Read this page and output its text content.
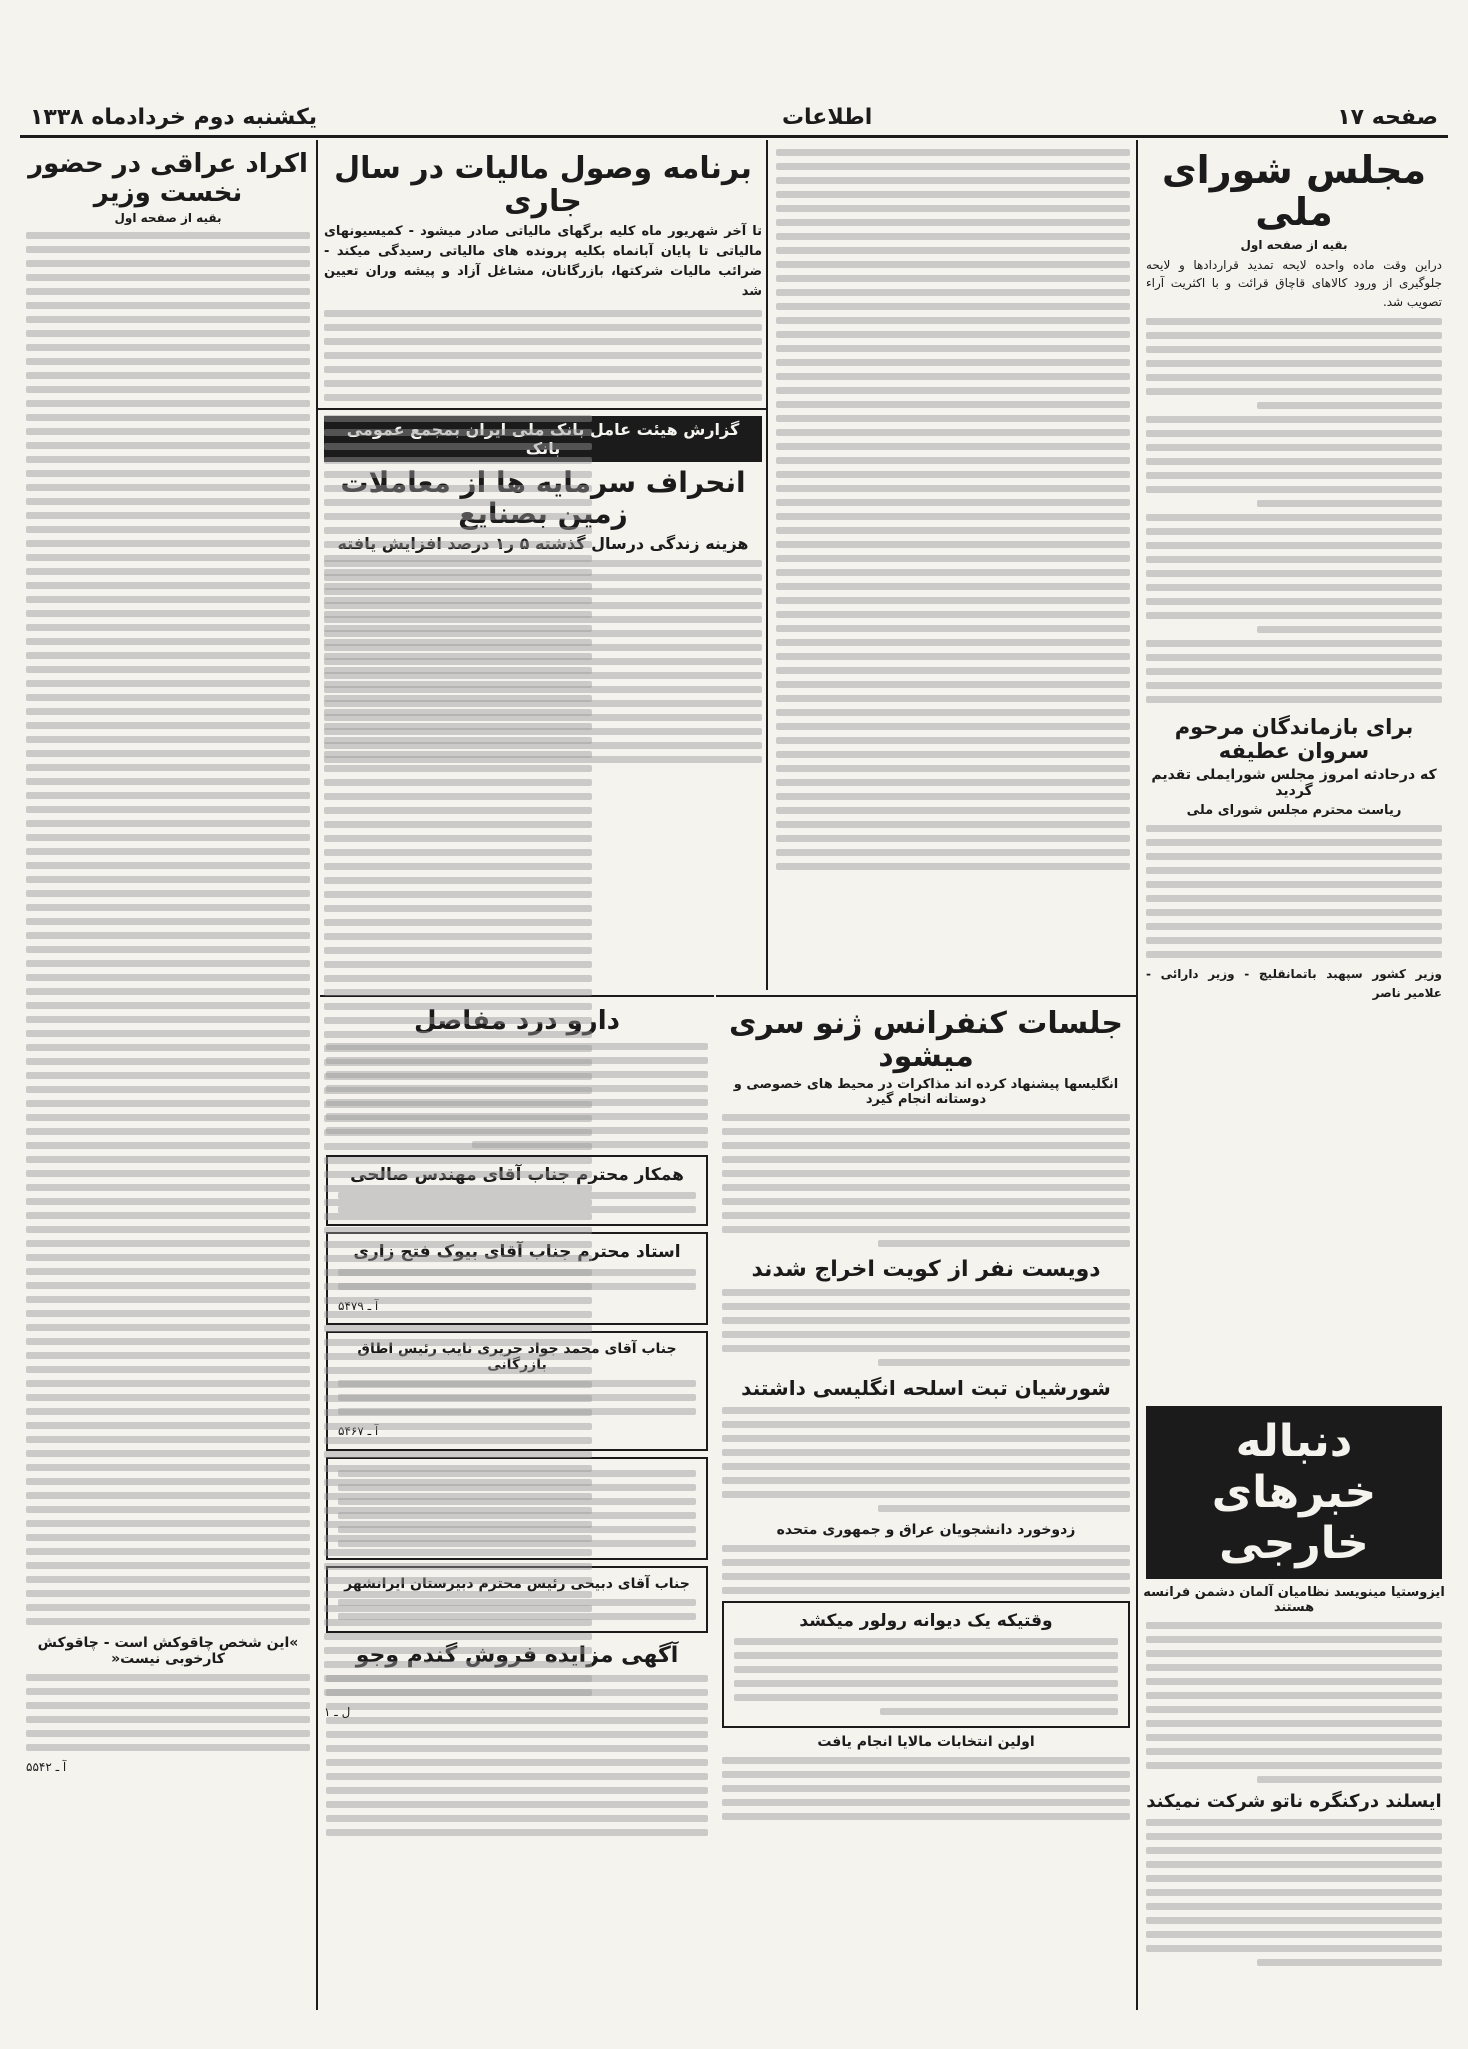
صفحه ۱۷
اطلاعات
یکشنبه دوم خردادماه ۱۳۳۸
مجلس شورای ملی
بقیه از صفحه اول
دراین وقت ماده واحده لایحه تمدید قراردادها و لایحه جلوگیری از ورود کالاهای قاچاق قرائت و با اکثریت آراء تصویب شد.
برای بازماندگان مرحوم سروان عطیفه
که درحادثه امروز مجلس شورایملی تقدیم گردید
ریاست محترم مجلس شورای ملی
وزیر کشور سپهبد باتمانقلیچ - وزیر دارائی - علامیر ناصر
جلسات کنفرانس ژنو سری میشود
انگلیسها پیشنهاد کرده اند مذاکرات در محیط های خصوصی و دوستانه انجام گیرد
دویست نفر از کویت اخراج شدند
شورشیان تبت اسلحه انگلیسی داشتند
زدوخورد دانشجویان عراق و جمهوری متحده
وقتیکه یک دیوانه رولور میکشد
اولین انتخابات مالایا انجام یافت
دنباله خبرهای خارجی
ایزوستیا مینویسد نظامیان آلمان دشمن فرانسه هستند
ایسلند درکنگره ناتو شرکت نمیکند
برنامه وصول مالیات در سال جاری
تا آخر شهریور ماه کلیه برگهای مالیاتی صادر میشود - کمیسیونهای مالیاتی تا پایان آبانماه بکلیه پرونده های مالیاتی رسیدگی میکند - ضرائب مالیات شرکتها، بازرگانان، مشاغل آزاد و پیشه وران تعیین شد
گزارش هیئت عامل بانک ملی ایران بمجمع عمومی بانک
انحراف سرمایه ها از معاملات زمین بصنایع
هزینه زندگی درسال گذشته ۵ ر۱ درصد افزایش یافته
دارو درد مفاصل
همکار محترم جناب آقای مهندس صالحی
استاد محترم جناب آقای بیوک فتح زاری
آ ـ ۵۴۷۹
جناب آقای محمد جواد حریری نایب رئیس اطاق بازرگانی
آ ـ ۵۴۶۷
جناب آقای دبیحی رئیس محترم دبیرستان ایرانشهر
آگهی مزایده فروش گندم وجو
اکراد عراقی در حضور نخست وزیر
بقیه از صفحه اول
»این شخص چاقوکش است - چاقوکش کارخوبی نیست«
آ ـ ۵۵۴۲
ل ـ ۱
